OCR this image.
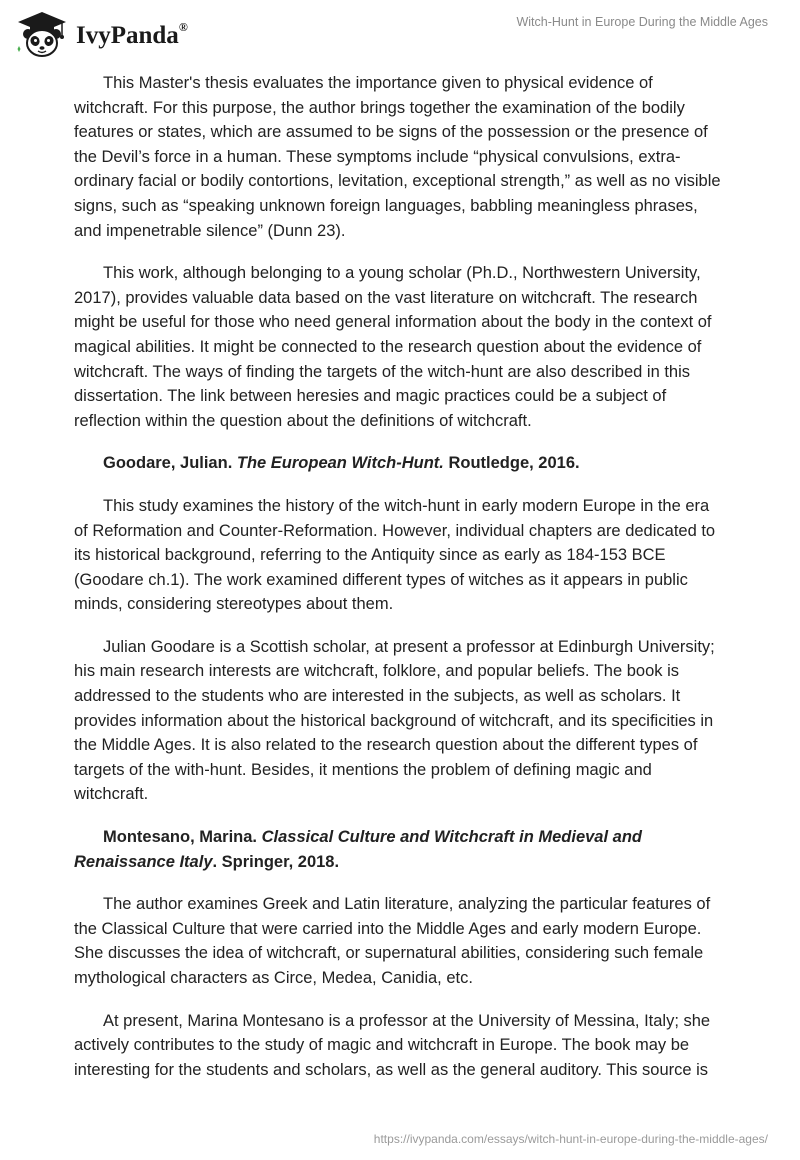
IvyPanda®	Witch-Hunt in Europe During the Middle Ages

This Master's thesis evaluates the importance given to physical evidence of witchcraft. For this purpose, the author brings together the examination of the bodily features or states, which are assumed to be signs of the possession or the presence of the Devil’s force in a human. These symptoms include “physical convulsions, extra-ordinary facial or bodily contortions, levitation, exceptional strength,” as well as no visible signs, such as “speaking unknown foreign languages, babbling meaningless phrases, and impenetrable silence” (Dunn 23).

This work, although belonging to a young scholar (Ph.D., Northwestern University, 2017), provides valuable data based on the vast literature on witchcraft. The research might be useful for those who need general information about the body in the context of magical abilities. It might be connected to the research question about the evidence of witchcraft. The ways of finding the targets of the witch-hunt are also described in this dissertation. The link between heresies and magic practices could be a subject of reflection within the question about the definitions of witchcraft.

Goodare, Julian. The European Witch-Hunt. Routledge, 2016.

This study examines the history of the witch-hunt in early modern Europe in the era of Reformation and Counter-Reformation. However, individual chapters are dedicated to its historical background, referring to the Antiquity since as early as 184-153 BCE (Goodare ch.1). The work examined different types of witches as it appears in public minds, considering stereotypes about them.

Julian Goodare is a Scottish scholar, at present a professor at Edinburgh University; his main research interests are witchcraft, folklore, and popular beliefs. The book is addressed to the students who are interested in the subjects, as well as scholars. It provides information about the historical background of witchcraft, and its specificities in the Middle Ages. It is also related to the research question about the different types of targets of the with-hunt. Besides, it mentions the problem of defining magic and witchcraft.

Montesano, Marina. Classical Culture and Witchcraft in Medieval and Renaissance Italy. Springer, 2018.

The author examines Greek and Latin literature, analyzing the particular features of the Classical Culture that were carried into the Middle Ages and early modern Europe. She discusses the idea of witchcraft, or supernatural abilities, considering such female mythological characters as Circe, Medea, Canidia, etc.

At present, Marina Montesano is a professor at the University of Messina, Italy; she actively contributes to the study of magic and witchcraft in Europe. The book may be interesting for the students and scholars, as well as the general auditory. This source is

https://ivypanda.com/essays/witch-hunt-in-europe-during-the-middle-ages/
